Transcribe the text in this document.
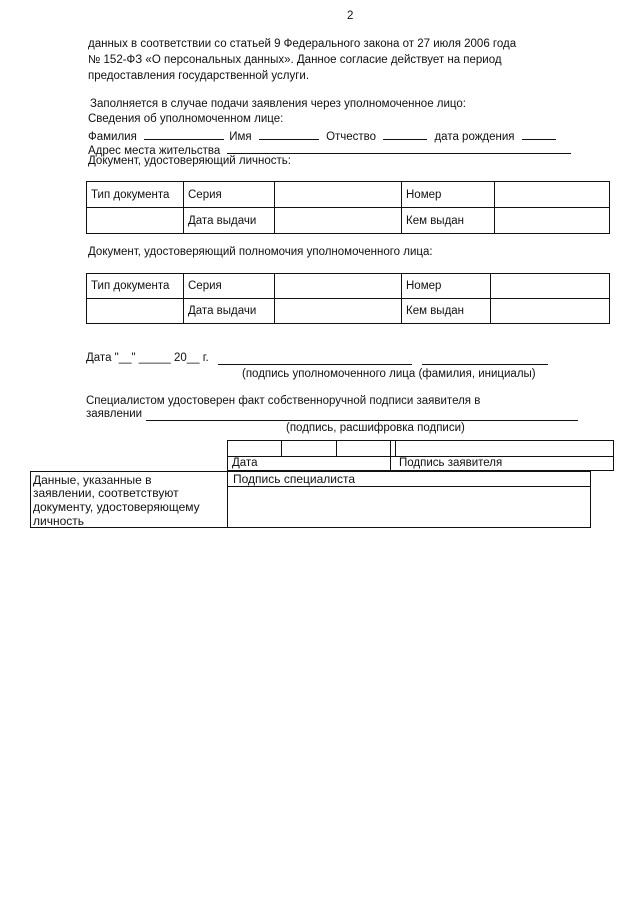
2
данных в соответствии со статьей 9 Федерального закона от 27 июля 2006 года
№ 152-ФЗ «О персональных данных». Данное согласие действует на период
предоставления государственной услуги.
Заполняется в случае подачи заявления через уполномоченное лицо:
Сведения об уполномоченном лице:
Фамилия	Имя	Отчество	дата рождения
Адрес места жительства
Документ, удостоверяющий личность:
Тип документа	Серия		Номер	
	Дата выдачи		Кем выдан	
Документ, удостоверяющий полномочия уполномоченного лица:
Тип документа	Серия		Номер	
	Дата выдачи		Кем выдан	
Дата "__" _____ 20__ г.
(подпись уполномоченного лица (фамилия, инициалы)
Специалистом удостоверен факт собственноручной подписи заявителя в
заявлении
(подпись, расшифровка подписи)
Дата	Подпись заявителя
Данные, указанные в
заявлении, соответствуют
документу, удостоверяющему
личность
Подпись специалиста
